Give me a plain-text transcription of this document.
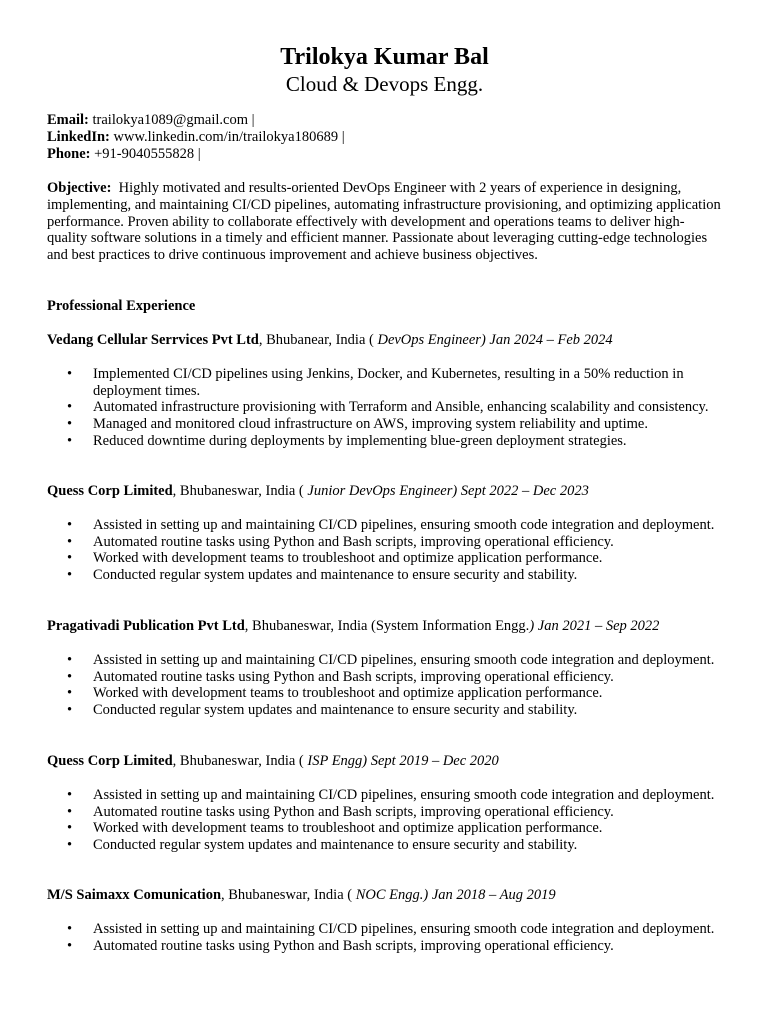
Trilokya Kumar Bal
Cloud & Devops Engg.
Email: trailokya1089@gmail.com |
LinkedIn: www.linkedin.com/in/trailokya180689 |
Phone: +91-9040555828 |
Objective: Highly motivated and results-oriented DevOps Engineer with 2 years of experience in designing, implementing, and maintaining CI/CD pipelines, automating infrastructure provisioning, and optimizing application performance. Proven ability to collaborate effectively with development and operations teams to deliver high-quality software solutions in a timely and efficient manner. Passionate about leveraging cutting-edge technologies and best practices to drive continuous improvement and achieve business objectives.
Professional Experience
Vedang Cellular Serrvices Pvt Ltd, Bhubanear, India ( DevOps Engineer) Jan 2024 – Feb 2024
• Implemented CI/CD pipelines using Jenkins, Docker, and Kubernetes, resulting in a 50% reduction in deployment times.
• Automated infrastructure provisioning with Terraform and Ansible, enhancing scalability and consistency.
• Managed and monitored cloud infrastructure on AWS, improving system reliability and uptime.
• Reduced downtime during deployments by implementing blue-green deployment strategies.
Quess Corp Limited, Bhubaneswar, India ( Junior DevOps Engineer) Sept 2022 – Dec 2023
• Assisted in setting up and maintaining CI/CD pipelines, ensuring smooth code integration and deployment.
• Automated routine tasks using Python and Bash scripts, improving operational efficiency.
• Worked with development teams to troubleshoot and optimize application performance.
• Conducted regular system updates and maintenance to ensure security and stability.
Pragativadi Publication Pvt Ltd, Bhubaneswar, India (System Information Engg.) Jan 2021 – Sep 2022
• Assisted in setting up and maintaining CI/CD pipelines, ensuring smooth code integration and deployment.
• Automated routine tasks using Python and Bash scripts, improving operational efficiency.
• Worked with development teams to troubleshoot and optimize application performance.
• Conducted regular system updates and maintenance to ensure security and stability.
Quess Corp Limited, Bhubaneswar, India ( ISP Engg) Sept 2019 – Dec 2020
• Assisted in setting up and maintaining CI/CD pipelines, ensuring smooth code integration and deployment.
• Automated routine tasks using Python and Bash scripts, improving operational efficiency.
• Worked with development teams to troubleshoot and optimize application performance.
• Conducted regular system updates and maintenance to ensure security and stability.
M/S Saimaxx Comunication, Bhubaneswar, India ( NOC Engg.) Jan 2018 – Aug 2019
• Assisted in setting up and maintaining CI/CD pipelines, ensuring smooth code integration and deployment.
• Automated routine tasks using Python and Bash scripts, improving operational efficiency.
